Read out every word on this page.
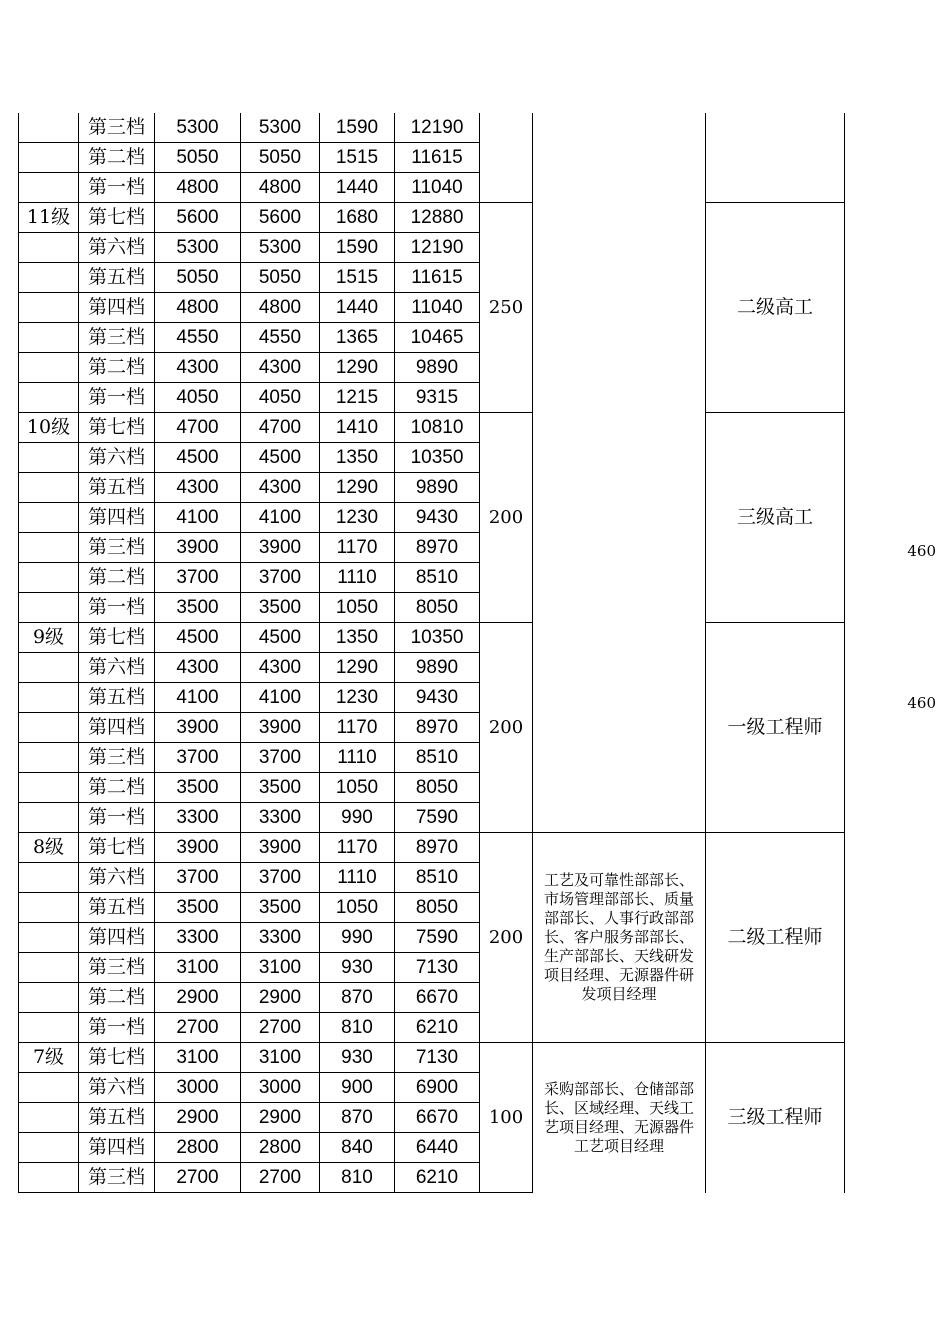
	第三档	5300	5300	1590	12190			
	第二档	5050	5050	1515	11615			
	第一档	4800	4800	1440	11040			
11级	第七档	5600	5600	1680	12880	250		二级高工
	第六档	5300	5300	1590	12190			
	第五档	5050	5050	1515	11615			
	第四档	4800	4800	1440	11040			
	第三档	4550	4550	1365	10465			
	第二档	4300	4300	1290	9890			
	第一档	4050	4050	1215	9315			
10级	第七档	4700	4700	1410	10810	200		三级高工
	第六档	4500	4500	1350	10350			
	第五档	4300	4300	1290	9890			
	第四档	4100	4100	1230	9430			
	第三档	3900	3900	1170	8970			
	第二档	3700	3700	1110	8510			
	第一档	3500	3500	1050	8050			
9级	第七档	4500	4500	1350	10350	200		一级工程师
	第六档	4300	4300	1290	9890			
	第五档	4100	4100	1230	9430			
	第四档	3900	3900	1170	8970			
	第三档	3700	3700	1110	8510			
	第二档	3500	3500	1050	8050			
	第一档	3300	3300	990	7590			
8级	第七档	3900	3900	1170	8970	200	工艺及可靠性部部长、市场管理部部长、质量部部长、人事行政部部长、客户服务部部长、生产部部长、天线研发项目经理、无源器件研发项目经理	二级工程师
	第六档	3700	3700	1110	8510			
	第五档	3500	3500	1050	8050			
	第四档	3300	3300	990	7590			
	第三档	3100	3100	930	7130			
	第二档	2900	2900	870	6670			
	第一档	2700	2700	810	6210			
7级	第七档	3100	3100	930	7130	100	采购部部长、仓储部部长、区域经理、天线工艺项目经理、无源器件工艺项目经理	三级工程师
	第六档	3000	3000	900	6900			
	第五档	2900	2900	870	6670			
	第四档	2800	2800	840	6440			
	第三档	2700	2700	810	6210			
460
460
